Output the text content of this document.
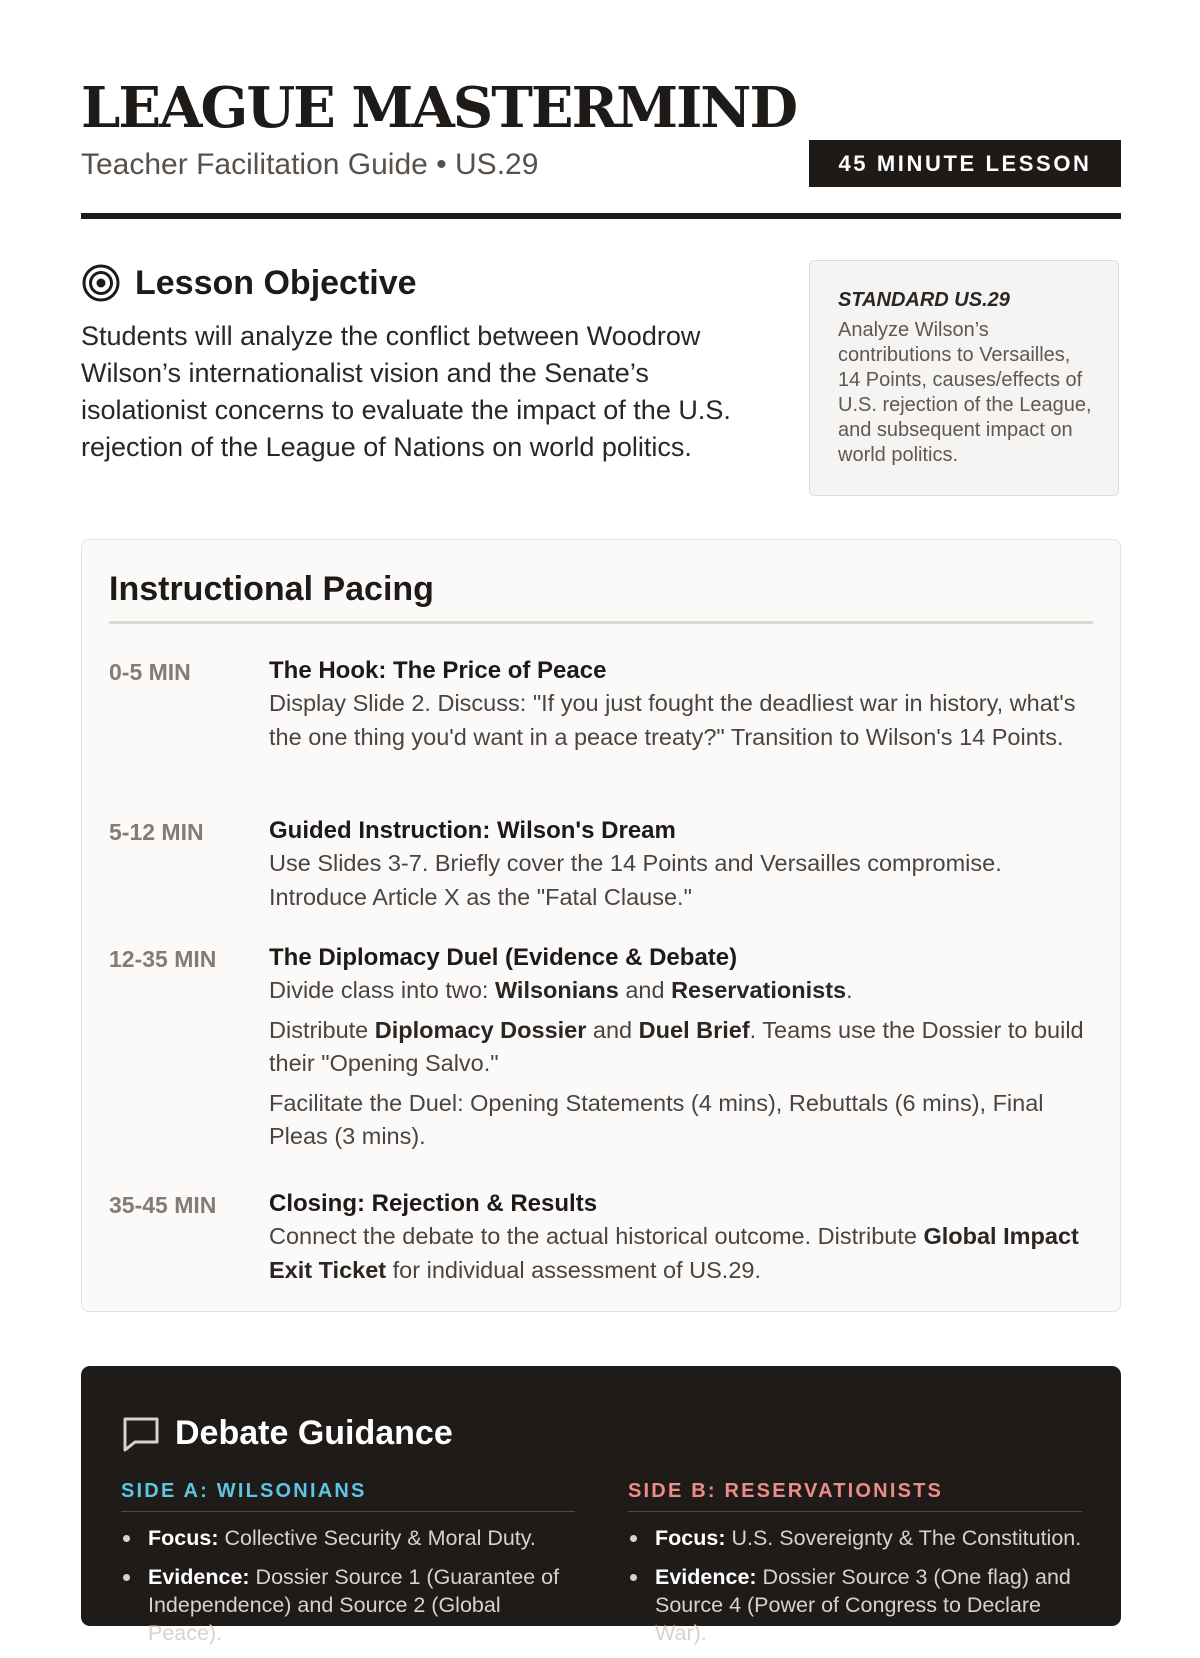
LEAGUE MASTERMIND
Teacher Facilitation Guide • US.29	45 MINUTE LESSON
Lesson Objective

Students will analyze the conflict between Woodrow Wilson’s internationalist vision and the Senate’s isolationist concerns to evaluate the impact of the U.S. rejection of the League of Nations on world politics.

STANDARD US.29
Analyze Wilson’s contributions to Versailles, 14 Points, causes/effects of U.S. rejection of the League, and subsequent impact on world politics.
Instructional Pacing
0-5 MIN	The Hook: The Price of Peace

Display Slide 2. Discuss: "If you just fought the deadliest war in history, what's the one thing you'd want in a peace treaty?" Transition to Wilson's 14 Points.

5-12 MIN	Guided Instruction: Wilson's Dream

Use Slides 3-7. Briefly cover the 14 Points and Versailles compromise. Introduce Article X as the "Fatal Clause."

12-35 MIN The Diplomacy Duel (Evidence & Debate)

Divide class into two: Wilsonians and Reservationists.

Distribute Diplomacy Dossier and Duel Brief. Teams use the Dossier to build their "Opening Salvo."

Facilitate the Duel: Opening Statements (4 mins), Rebuttals (6 mins), Final Pleas (3 mins).

35-45 MIN Closing: Rejection & Results

Connect the debate to the actual historical outcome. Distribute Global Impact Exit Ticket for individual assessment of US.29.

Debate Guidance
SIDE A: WILSONIANS
Focus: Collective Security & Moral Duty.
Evidence: Dossier Source 1 (Guarantee of Independence) and Source 2 (Global Peace).
SIDE B: RESERVATIONISTS
Focus: U.S. Sovereignty & The Constitution.
Evidence: Dossier Source 3 (One flag) and Source 4 (Power of Congress to Declare War).
